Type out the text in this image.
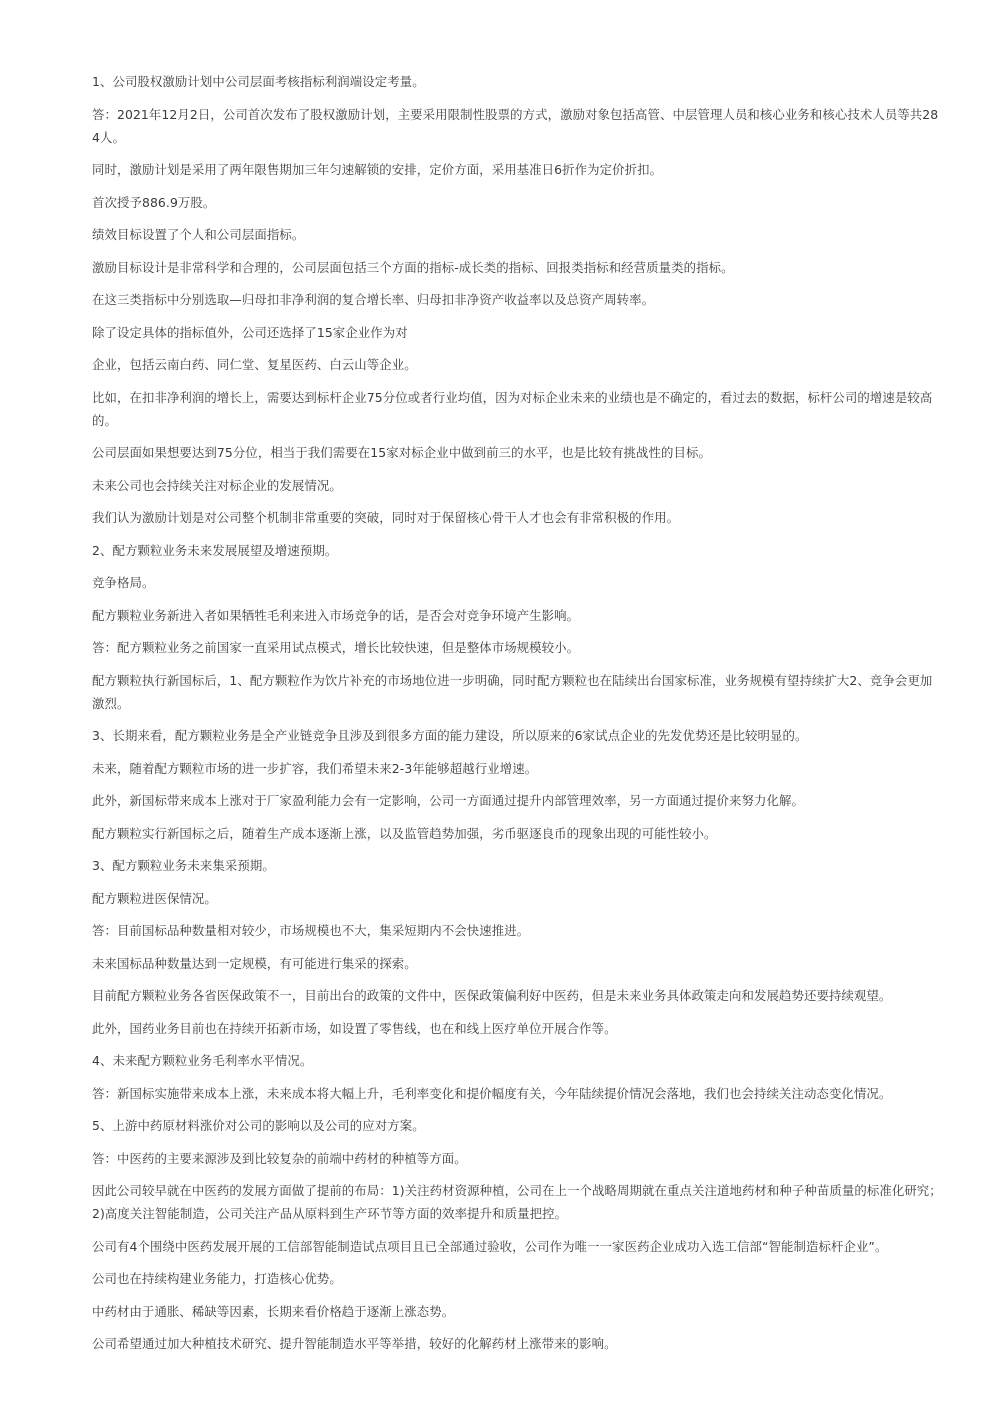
1、公司股权激励计划中公司层面考核指标利润端设定考量。

答：2021年12月2日，公司首次发布了股权激励计划，主要采用限制性股票的方式，激励对象包括高管、中层管理人员和核心业务和核心技术人员等共284人。

同时，激励计划是采用了两年限售期加三年匀速解锁的安排，定价方面，采用基准日6折作为定价折扣。

首次授予886.9万股。

绩效目标设置了个人和公司层面指标。

激励目标设计是非常科学和合理的，公司层面包括三个方面的指标-成长类的指标、回报类指标和经营质量类的指标。

在这三类指标中分别选取—归母扣非净利润的复合增长率、归母扣非净资产收益率以及总资产周转率。

除了设定具体的指标值外，公司还选择了15家企业作为对

企业，包括云南白药、同仁堂、复星医药、白云山等企业。

比如，在扣非净利润的增长上，需要达到标杆企业75分位或者行业均值，因为对标企业未来的业绩也是不确定的，看过去的数据，标杆公司的增速是较高的。

公司层面如果想要达到75分位，相当于我们需要在15家对标企业中做到前三的水平，也是比较有挑战性的目标。

未来公司也会持续关注对标企业的发展情况。

我们认为激励计划是对公司整个机制非常重要的突破，同时对于保留核心骨干人才也会有非常积极的作用。

2、配方颗粒业务未来发展展望及增速预期。

竞争格局。

配方颗粒业务新进入者如果牺牲毛利来进入市场竞争的话，是否会对竞争环境产生影响。

答：配方颗粒业务之前国家一直采用试点模式，增长比较快速，但是整体市场规模较小。

配方颗粒执行新国标后，1、配方颗粒作为饮片补充的市场地位进一步明确，同时配方颗粒也在陆续出台国家标准，业务规模有望持续扩大2、竞争会更加激烈。

3、长期来看，配方颗粒业务是全产业链竞争且涉及到很多方面的能力建设，所以原来的6家试点企业的先发优势还是比较明显的。

未来，随着配方颗粒市场的进一步扩容，我们希望未来2-3年能够超越行业增速。

此外，新国标带来成本上涨对于厂家盈利能力会有一定影响，公司一方面通过提升内部管理效率，另一方面通过提价来努力化解。

配方颗粒实行新国标之后，随着生产成本逐渐上涨，以及监管趋势加强，劣币驱逐良币的现象出现的可能性较小。

3、配方颗粒业务未来集采预期。

配方颗粒进医保情况。

答：目前国标品种数量相对较少，市场规模也不大，集采短期内不会快速推进。

未来国标品种数量达到一定规模，有可能进行集采的探索。

目前配方颗粒业务各省医保政策不一，目前出台的政策的文件中，医保政策偏利好中医药，但是未来业务具体政策走向和发展趋势还要持续观望。

此外，国药业务目前也在持续开拓新市场，如设置了零售线，也在和线上医疗单位开展合作等。

4、未来配方颗粒业务毛利率水平情况。

答：新国标实施带来成本上涨，未来成本将大幅上升，毛利率变化和提价幅度有关，今年陆续提价情况会落地，我们也会持续关注动态变化情况。

5、上游中药原材料涨价对公司的影响以及公司的应对方案。

答：中医药的主要来源涉及到比较复杂的前端中药材的种植等方面。

因此公司较早就在中医药的发展方面做了提前的布局：1)关注药材资源种植，公司在上一个战略周期就在重点关注道地药材和种子种苗质量的标准化研究；2)高度关注智能制造，公司关注产品从原料到生产环节等方面的效率提升和质量把控。

公司有4个围绕中医药发展开展的工信部智能制造试点项目且已全部通过验收，公司作为唯一一家医药企业成功入选工信部“智能制造标杆企业”。

公司也在持续构建业务能力，打造核心优势。

中药材由于通胀、稀缺等因素，长期来看价格趋于逐渐上涨态势。

公司希望通过加大种植技术研究、提升智能制造水平等举措，较好的化解药材上涨带来的影响。
